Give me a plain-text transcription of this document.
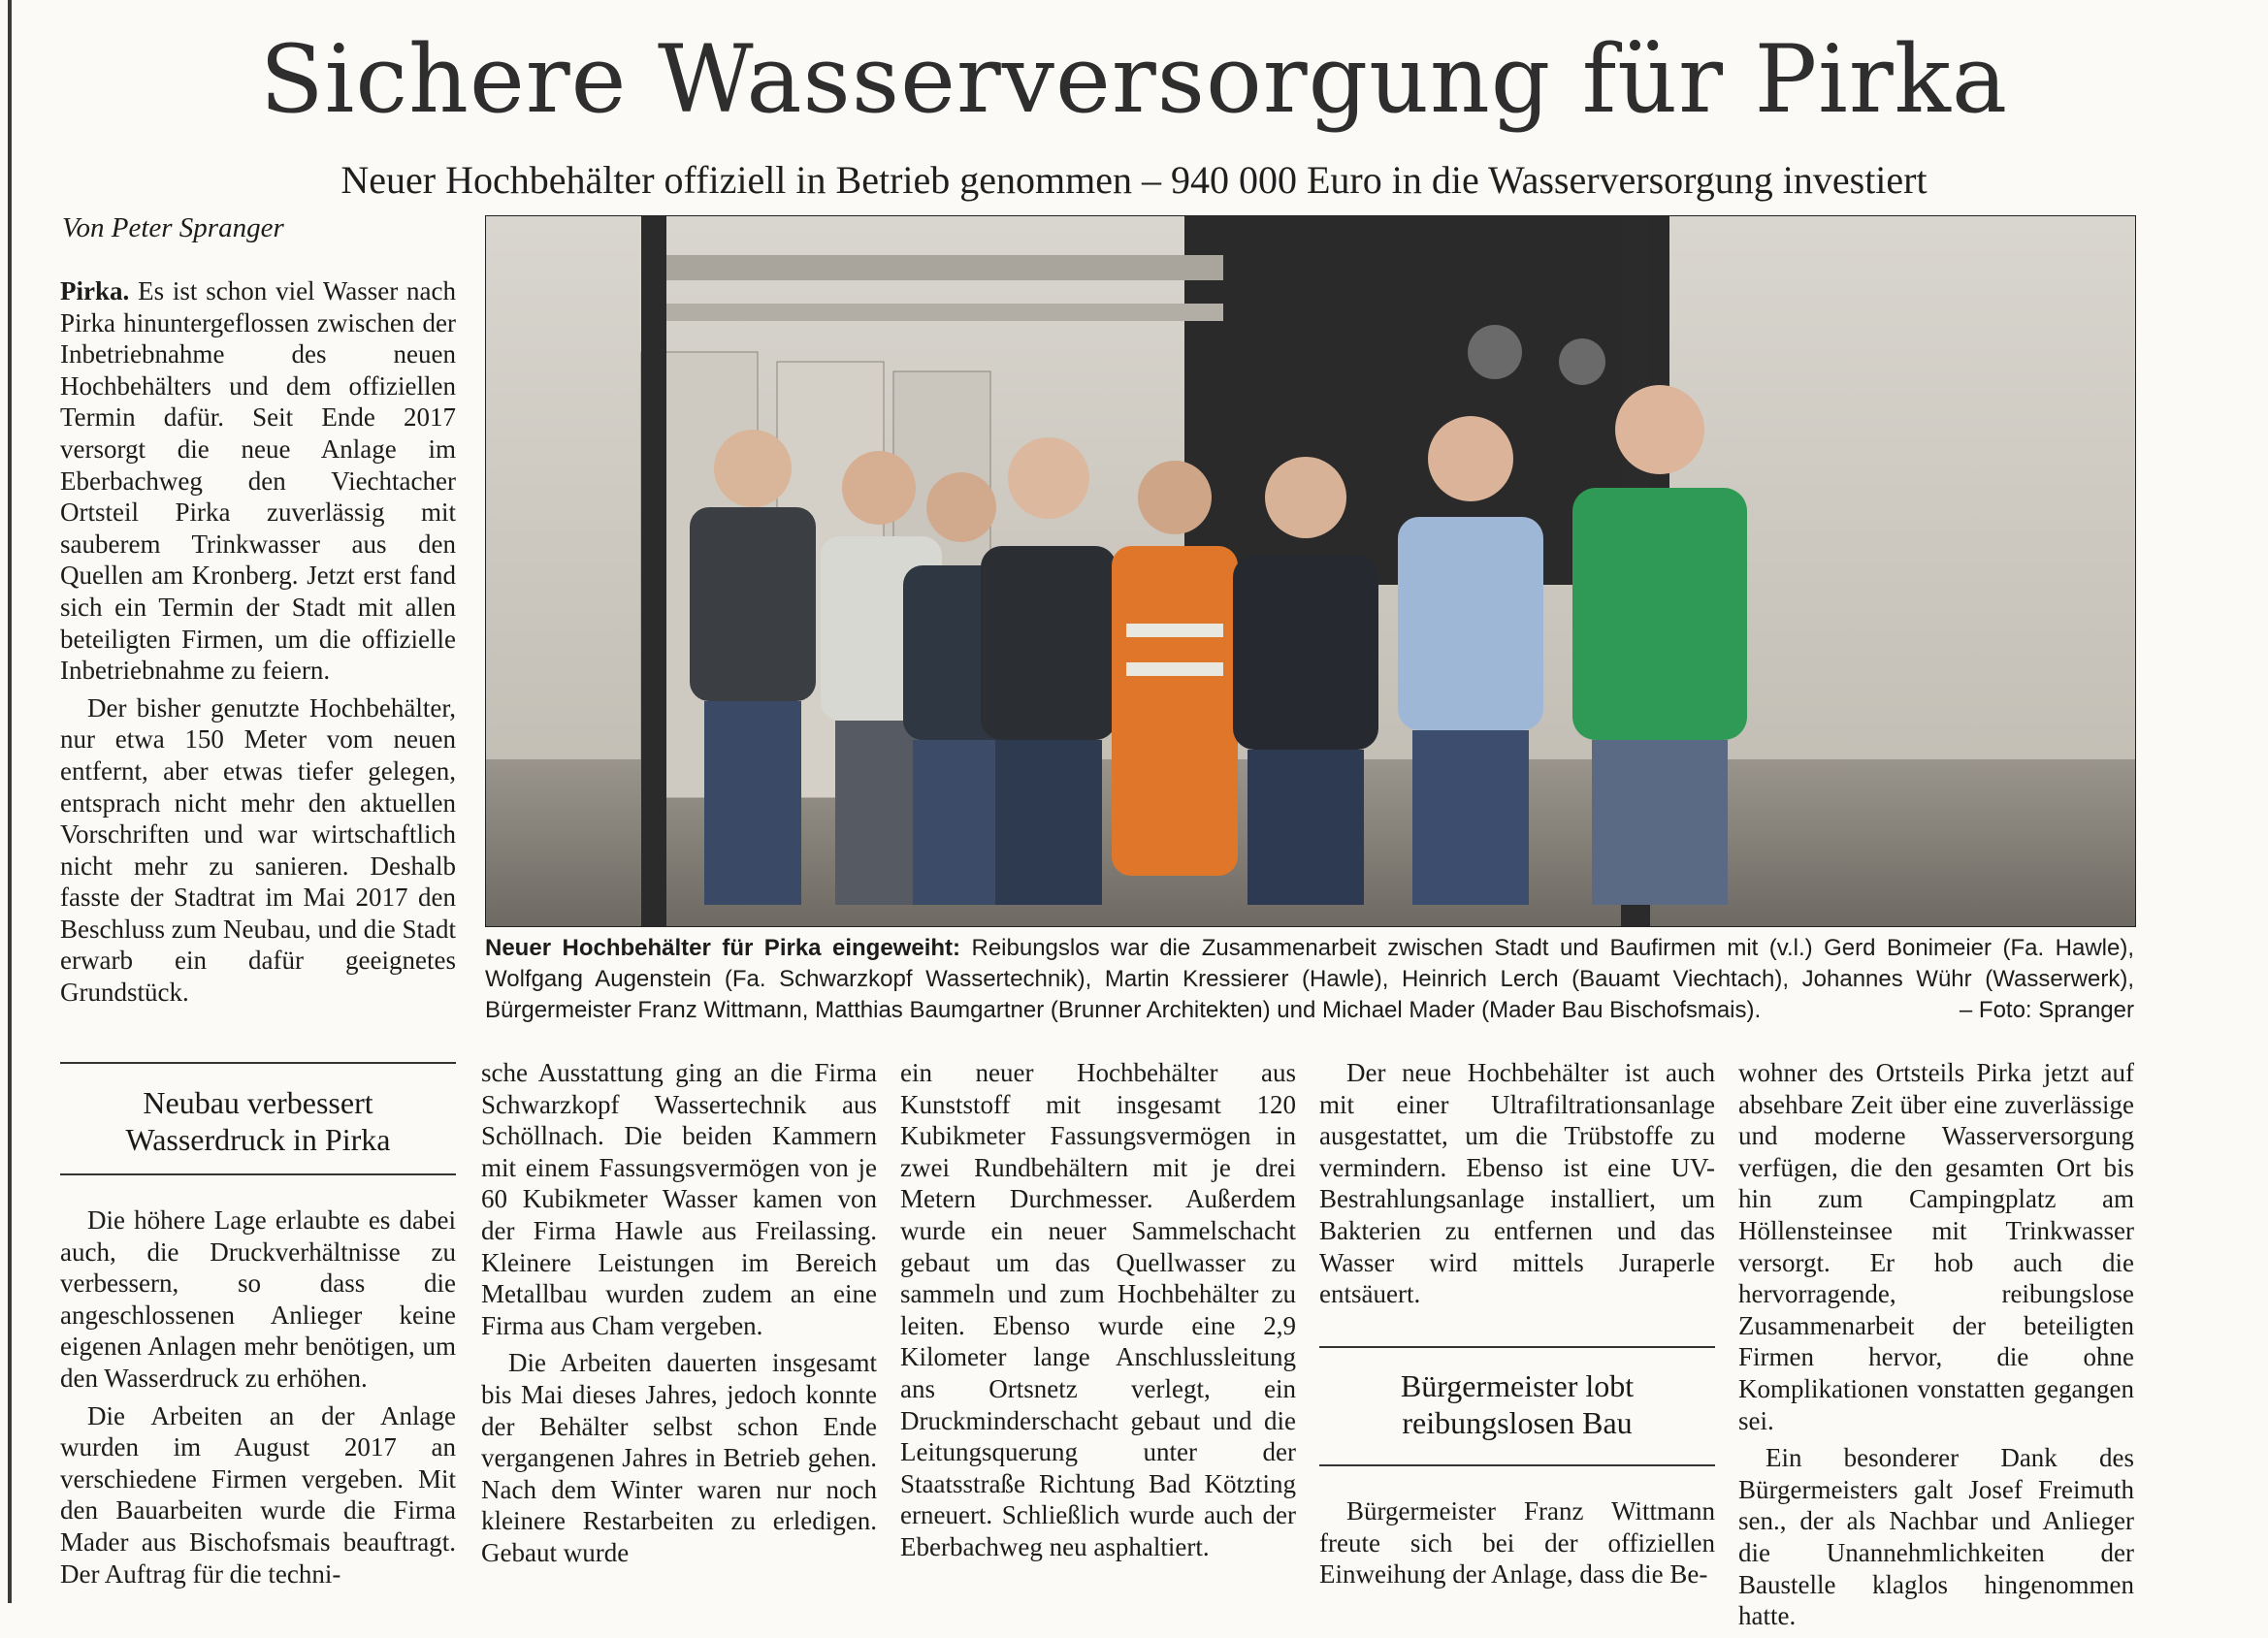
Sichere Wasserversorgung für Pirka
Neuer Hochbehälter offiziell in Betrieb genommen – 940 000 Euro in die Wasserversorgung investiert
Von Peter Spranger

Pirka. Es ist schon viel Wasser nach Pirka hinuntergeflossen zwischen der Inbetriebnahme des neuen Hochbehälters und dem offiziellen Termin dafür. Seit Ende 2017 versorgt die neue Anlage im Eberbachweg den Viechtacher Ortsteil Pirka zuverlässig mit sauberem Trinkwasser aus den Quellen am Kronberg. Jetzt erst fand sich ein Termin der Stadt mit allen beteiligten Firmen, um die offizielle Inbetriebnahme zu feiern.

Der bisher genutzte Hochbehälter, nur etwa 150 Meter vom neuen entfernt, aber etwas tiefer gelegen, entsprach nicht mehr den aktuellen Vorschriften und war wirtschaftlich nicht mehr zu sanieren. Deshalb fasste der Stadtrat im Mai 2017 den Beschluss zum Neubau, und die Stadt erwarb ein dafür geeignetes Grundstück.

Neubau verbessert Wasserdruck in Pirka

Die höhere Lage erlaubte es dabei auch, die Druckverhältnisse zu verbessern, so dass die angeschlossenen Anlieger keine eigenen Anlagen mehr benötigen, um den Wasserdruck zu erhöhen.

Die Arbeiten an der Anlage wurden im August 2017 an verschiedene Firmen vergeben. Mit den Bauarbeiten wurde die Firma Mader aus Bischofsmais beauftragt. Der Auftrag für die techni-

Neuer Hochbehälter für Pirka eingeweiht: Reibungslos war die Zusammenarbeit zwischen Stadt und Baufirmen mit (v.l.) Gerd Bonimeier (Fa. Hawle), Wolfgang Augenstein (Fa. Schwarzkopf Wassertechnik), Martin Kressierer (Hawle), Heinrich Lerch (Bauamt Viechtach), Johannes Wühr (Wasserwerk), Bürgermeister Franz Wittmann, Matthias Baumgartner (Brunner Architekten) und Michael Mader (Mader Bau Bischofsmais).	– Foto: Spranger

sche Ausstattung ging an die Firma Schwarzkopf Wassertechnik aus Schöllnach. Die beiden Kammern mit einem Fassungsvermögen von je 60 Kubikmeter Wasser kamen von der Firma Hawle aus Freilassing. Kleinere Leistungen im Bereich Metallbau wurden zudem an eine Firma aus Cham vergeben.

Die Arbeiten dauerten insgesamt bis Mai dieses Jahres, jedoch konnte der Behälter selbst schon Ende vergangenen Jahres in Betrieb gehen. Nach dem Winter waren nur noch kleinere Restarbeiten zu erledigen. Gebaut wurde

ein neuer Hochbehälter aus Kunststoff mit insgesamt 120 Kubikmeter Fassungsvermögen in zwei Rundbehältern mit je drei Metern Durchmesser. Außerdem wurde ein neuer Sammelschacht gebaut um das Quellwasser zu sammeln und zum Hochbehälter zu leiten. Ebenso wurde eine 2,9 Kilometer lange Anschlussleitung ans Ortsnetz verlegt, ein Druckminderschacht gebaut und die Leitungsquerung unter der Staatsstraße Richtung Bad Kötzting erneuert. Schließlich wurde auch der Eberbachweg neu asphaltiert.

Der neue Hochbehälter ist auch mit einer Ultrafiltrationsanlage ausgestattet, um die Trübstoffe zu vermindern. Ebenso ist eine UV-Bestrahlungsanlage installiert, um Bakterien zu entfernen und das Wasser wird mittels Juraperle entsäuert.

Bürgermeister lobt reibungslosen Bau

Bürgermeister Franz Wittmann freute sich bei der offiziellen Einweihung der Anlage, dass die Be-

wohner des Ortsteils Pirka jetzt auf absehbare Zeit über eine zuverlässige und moderne Wasserversorgung verfügen, die den gesamten Ort bis hin zum Campingplatz am Höllensteinsee mit Trinkwasser versorgt. Er hob auch die hervorragende, reibungslose Zusammenarbeit der beteiligten Firmen hervor, die ohne Komplikationen vonstatten gegangen sei.

Ein besonderer Dank des Bürgermeisters galt Josef Freimuth sen., der als Nachbar und Anlieger die Unannehmlichkeiten der Baustelle klaglos hingenommen hatte.
